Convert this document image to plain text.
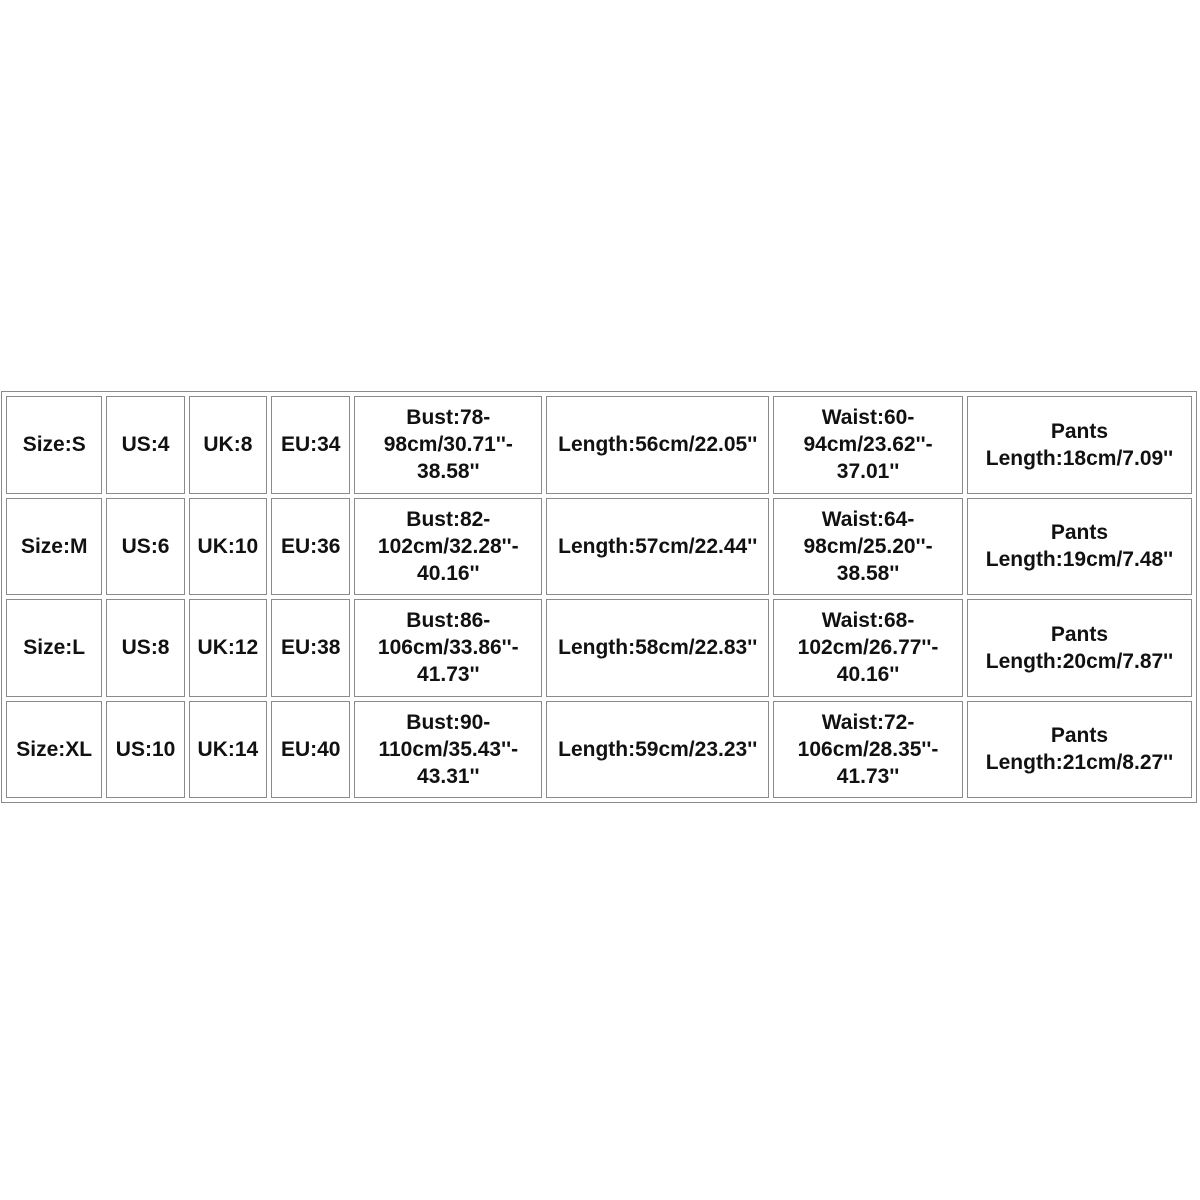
Size:S	US:4	UK:8	EU:34	Bust:78-
98cm/30.71''-
38.58''	Length:56cm/22.05''	Waist:60-
94cm/23.62''-
37.01''	Pants
Length:18cm/7.09''
Size:M	US:6	UK:10	EU:36	Bust:82-
102cm/32.28''-
40.16''	Length:57cm/22.44''	Waist:64-
98cm/25.20''-
38.58''	Pants
Length:19cm/7.48''
Size:L	US:8	UK:12	EU:38	Bust:86-
106cm/33.86''-
41.73''	Length:58cm/22.83''	Waist:68-
102cm/26.77''-
40.16''	Pants
Length:20cm/7.87''
Size:XL	US:10	UK:14	EU:40	Bust:90-
110cm/35.43''-
43.31''	Length:59cm/23.23''	Waist:72-
106cm/28.35''-
41.73''	Pants
Length:21cm/8.27''
